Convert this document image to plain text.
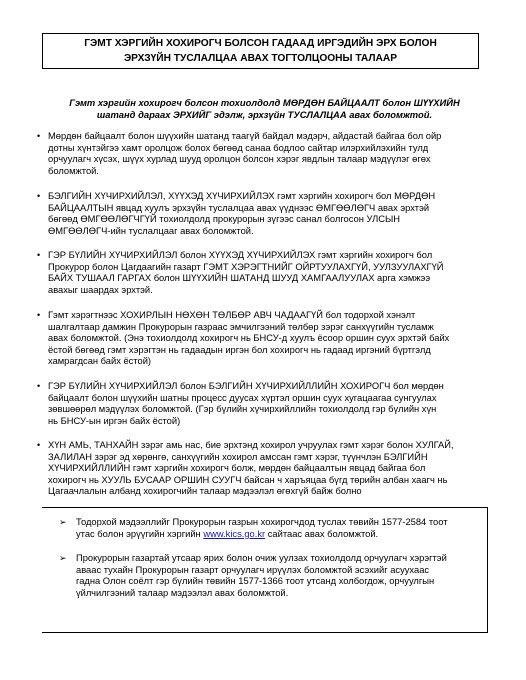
ГЭМТ ХЭРГИЙН ХОХИРОГЧ БОЛСОН ГАДААД ИРГЭДИЙН ЭРХ БОЛОН
ЭРХЗҮЙН ТУСЛАЛЦАА АВАХ ТОГТОЛЦООНЫ ТАЛААР
Гэмт хэргийн хохирогч болсон тохиолдолд МӨРДӨН БАЙЦААЛТ болон ШҮҮХИЙН
шатанд дараах ЭРХИЙГ эдэлж, эрхзүйн ТУСЛАЛЦАА авах боломжтой.
• Мөрдөн байцаалт болон шүүхийн шатанд таагүй байдал мэдэрч, айдастай байгаа бол ойр
дотны хүнтэйгээ хамт оролцож болох бөгөөд санаа бодлоо сайтар илэрхийлэхийн тулд
орчуулагч хүсэх, шүүх хурлад шууд оролцон болсон хэрэг явдлын талаар мэдүүлэг өгөх
боломжтой.
• БЭЛГИЙН ХҮЧИРХИЙЛЭЛ, ХҮҮХЭД ХҮЧИРХИЙЛЭХ гэмт хэргийн хохирогч бол МӨРДӨН
БАЙЦААЛТЫН явцад хуулъ эрхзүйн туслалцаа авах үүднээс ӨМГӨӨЛӨГЧ авах эрхтэй
бөгөөд ӨМГӨӨЛӨГЧГҮЙ тохиолдолд прокурорын зүгээс санал болгосон УЛСЫН
ӨМГӨӨЛӨГЧ-ийн туслалцааг авах боломжтой.
• ГЭР БҮЛИЙН ХҮЧИРХИЙЛЭЛ болон ХҮҮХЭД ХҮЧИРХИЙЛЭХ гэмт хэргийн хохирогч бол
Прокурор болон Цагдаагийн газарт ГЭМТ ХЭРЭГТНИЙГ ОЙРТУУЛАХГҮЙ, УУЛЗУУЛАХГҮЙ
БАЙХ ТУШААЛ ГАРГАХ болон ШҮҮХИЙН ШАТАНД ШУУД ХАМГААЛУУЛАХ арга хэмжээ
авахыг шаардах эрхтэй.
• Гэмт хэрэгтнээс ХОХИРЛЫН НӨХӨН ТӨЛБӨР АВЧ ЧАДААГҮЙ бол тодорхой хэнэлт
шалгалтаар дамжин Прокурорын газраас эмчилгээний төлбөр зэрэг санхүүгийн тусламж
авах боломжтой. (Энэ тохиолдолд хохирогч нь БНСУ-д хуулъ ёсоор оршин суух эрхтэй байх
ёстой бөгөөд гэмт хэрэгтэн нь гадаадын иргэн бол хохирогч нь гадаад иргэний бүртгэлд
хамрагдсан байх ёстой)
• ГЭР БҮЛИЙН ХҮЧИРХИЙЛЭЛ болон БЭЛГИЙН ХҮЧИРХИЙЛЛИЙН ХОХИРОГЧ бол мөрдөн
байцаалт болон шүүхийн шатны процесс дуусах хүртэл оршин суух хугацаагаа сунгуулах
зөвшөөрөл мэдүүлэх боломжтой. (Гэр бүлийн хүчирхийллийн тохиолдолд гэр бүлийн хүн
нь БНСУ-ын иргэн байх ёстой)
• ХҮН АМЬ, ТАНХАЙН зэрэг амь нас, бие эрхтэнд хохирол учруулах гэмт хэрэг болон ХУЛГАЙ,
ЗАЛИЛАН зэрэг эд хөрөнгө, санхүүгийн хохирол амссан гэмт хэрэг, түүнчлэн БЭЛГИЙН
ХҮЧИРХИЙЛЛИЙН гэмт хэргийн хохирогч болж, мөрдөн байцаалтын явцад байгаа бол
хохирогч нь ХУУЛЬ БУСААР ОРШИН СУУГЧ байсан ч харъяцаа бүгд төрийн албан хаагч нь
Цагаачлалын албанд хохирогчийн талаар мэдээлэл өгөхгүй байж болно
➢ Тодорхой мэдээллийг Прокурорын газрын хохирогчдод туслах төвийн 1577-2584 тоот
утас болон эрүүгийн хэргийн www.kics.go.kr сайтаас авах боломжтой.
➢ Прокурорын газартай утсаар ярих болон очиж уулзах тохиолдолд орчуулагч хэрэгтэй
аваас тухайн Прокурорын газарт орчуулагч ирүүлэх боломжтой эсэхийг асуухаас
гадна Олон соёлт гэр бүлийн төвийн 1577-1366 тоот утсанд холбогдож, орчуулгын
үйлчилгээний талаар мэдээлэл авах боломжтой.
